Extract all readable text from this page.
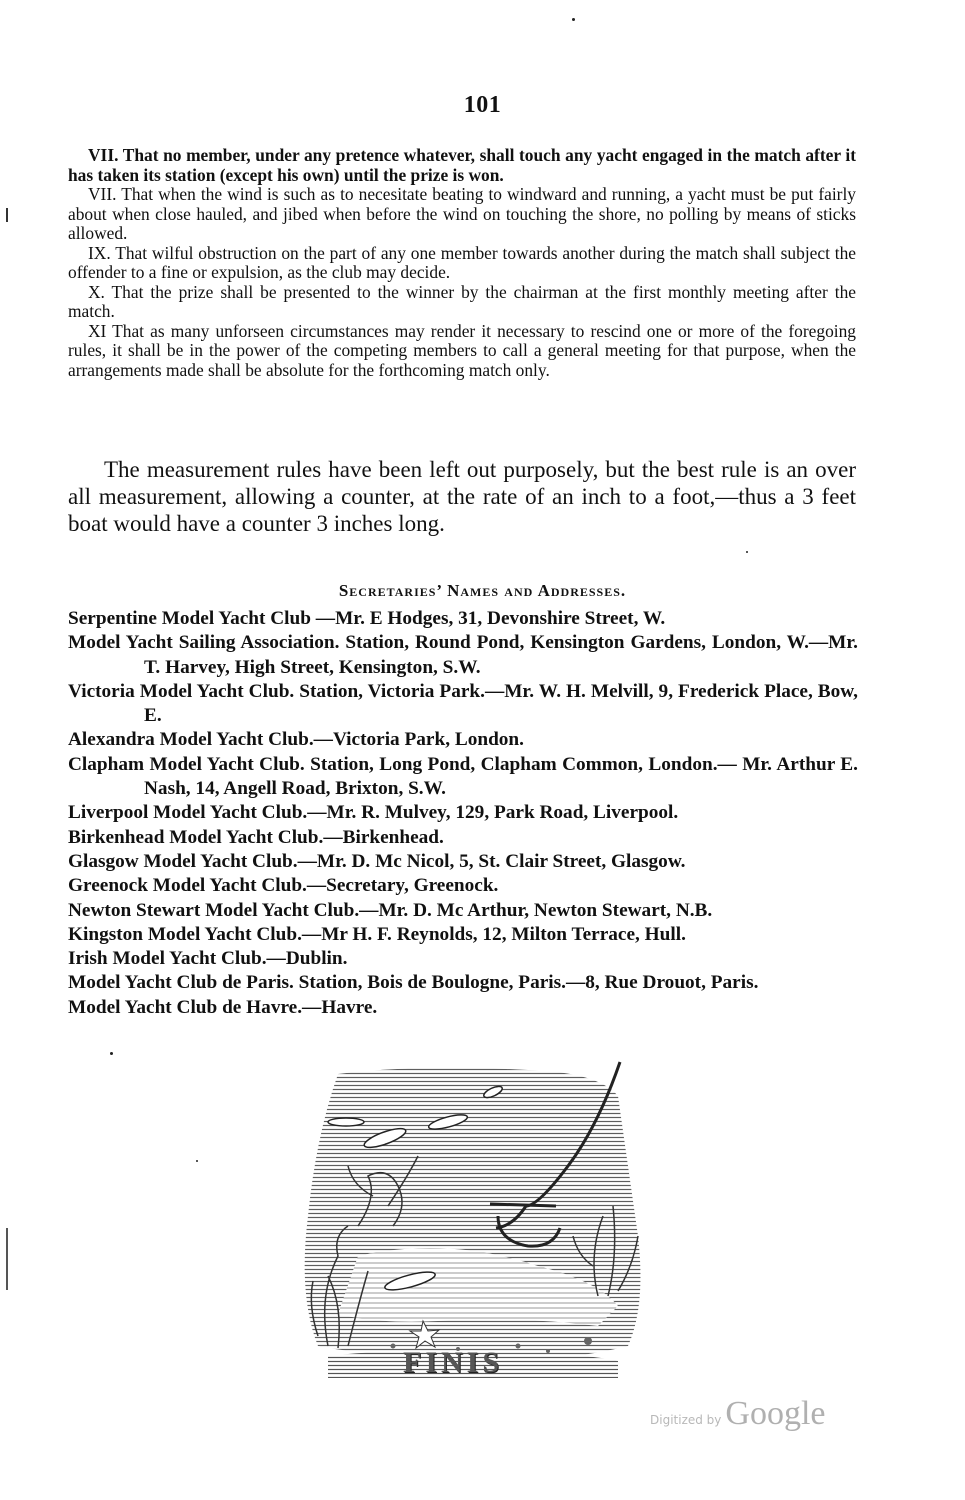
101

VII. That no member, under any pretence whatever, shall touch any yacht engaged in the match after it has taken its station (except his own) until the prize is won.

VII. That when the wind is such as to necesitate beating to windward and running, a yacht must be put fairly about when close hauled, and jibed when before the wind on touching the shore, no polling by means of sticks allowed.

IX. That wilful obstruction on the part of any one member towards another during the match shall subject the offender to a fine or expulsion, as the club may decide.

X. That the prize shall be presented to the winner by the chairman at the first monthly meeting after the match.

XI That as many unforseen circumstances may render it necessary to rescind one or more of the foregoing rules, it shall be in the power of the competing members to call a general meeting for that purpose, when the arrangements made shall be absolute for the forthcoming match only.

The measurement rules have been left out purposely, but the best rule is an over all measurement, allowing a counter, at the rate of an inch to a foot,—thus a 3 feet boat would have a counter 3 inches long.

Secretaries’ Names and Addresses.

Serpentine Model Yacht Club —Mr. E Hodges, 31, Devonshire Street, W.

Model Yacht Sailing Association. Station, Round Pond, Kensington Gardens, London, W.—Mr. T. Harvey, High Street, Kensington, S.W.

Victoria Model Yacht Club. Station, Victoria Park.—Mr. W. H. Melvill, 9, Frederick Place, Bow, E.

Alexandra Model Yacht Club.—Victoria Park, London.

Clapham Model Yacht Club. Station, Long Pond, Clapham Common, London.— Mr. Arthur E. Nash, 14, Angell Road, Brixton, S.W.

Liverpool Model Yacht Club.—Mr. R. Mulvey, 129, Park Road, Liverpool.

Birkenhead Model Yacht Club.—Birkenhead.

Glasgow Model Yacht Club.—Mr. D. Mc Nicol, 5, St. Clair Street, Glasgow.

Greenock Model Yacht Club.—Secretary, Greenock.

Newton Stewart Model Yacht Club.—Mr. D. Mc Arthur, Newton Stewart, N.B.

Kingston Model Yacht Club.—Mr H. F. Reynolds, 12, Milton Terrace, Hull.

Irish Model Yacht Club.—Dublin.

Model Yacht Club de Paris. Station, Bois de Boulogne, Paris.—8, Rue Drouot, Paris.

Model Yacht Club de Havre.—Havre.

FINIS
Digitized by Google
